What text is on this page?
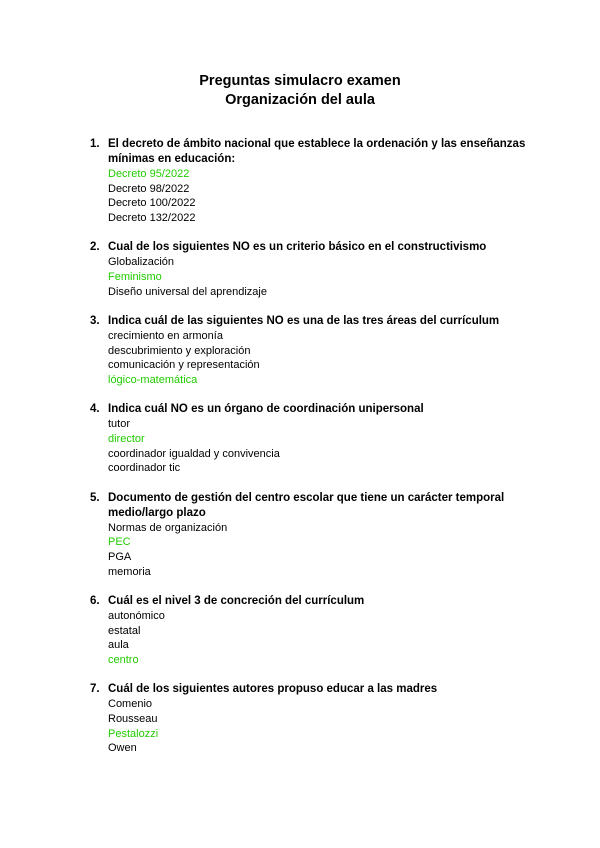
Preguntas simulacro examen
Organización del aula
1. El decreto de ámbito nacional que establece la ordenación y las enseñanzas mínimas en educación:
Decreto 95/2022
Decreto 98/2022
Decreto 100/2022
Decreto 132/2022
2. Cual de los siguientes NO es un criterio básico en el constructivismo
Globalización
Feminismo
Diseño universal del aprendizaje
3. Indica cuál de las siguientes NO es una de las tres áreas del currículum
crecimiento en armonía
descubrimiento y exploración
comunicación y representación
lógico-matemática
4. Indica cuál NO es un órgano de coordinación unipersonal
tutor
director
coordinador igualdad y convivencia
coordinador tic
5. Documento de gestión del centro escolar que tiene un carácter temporal medio/largo plazo
Normas de organización
PEC
PGA
memoria
6. Cuál es el nivel 3 de concreción del currículum
autonómico
estatal
aula
centro
7. Cuál de los siguientes autores propuso educar a las madres
Comenio
Rousseau
Pestalozzi
Owen
